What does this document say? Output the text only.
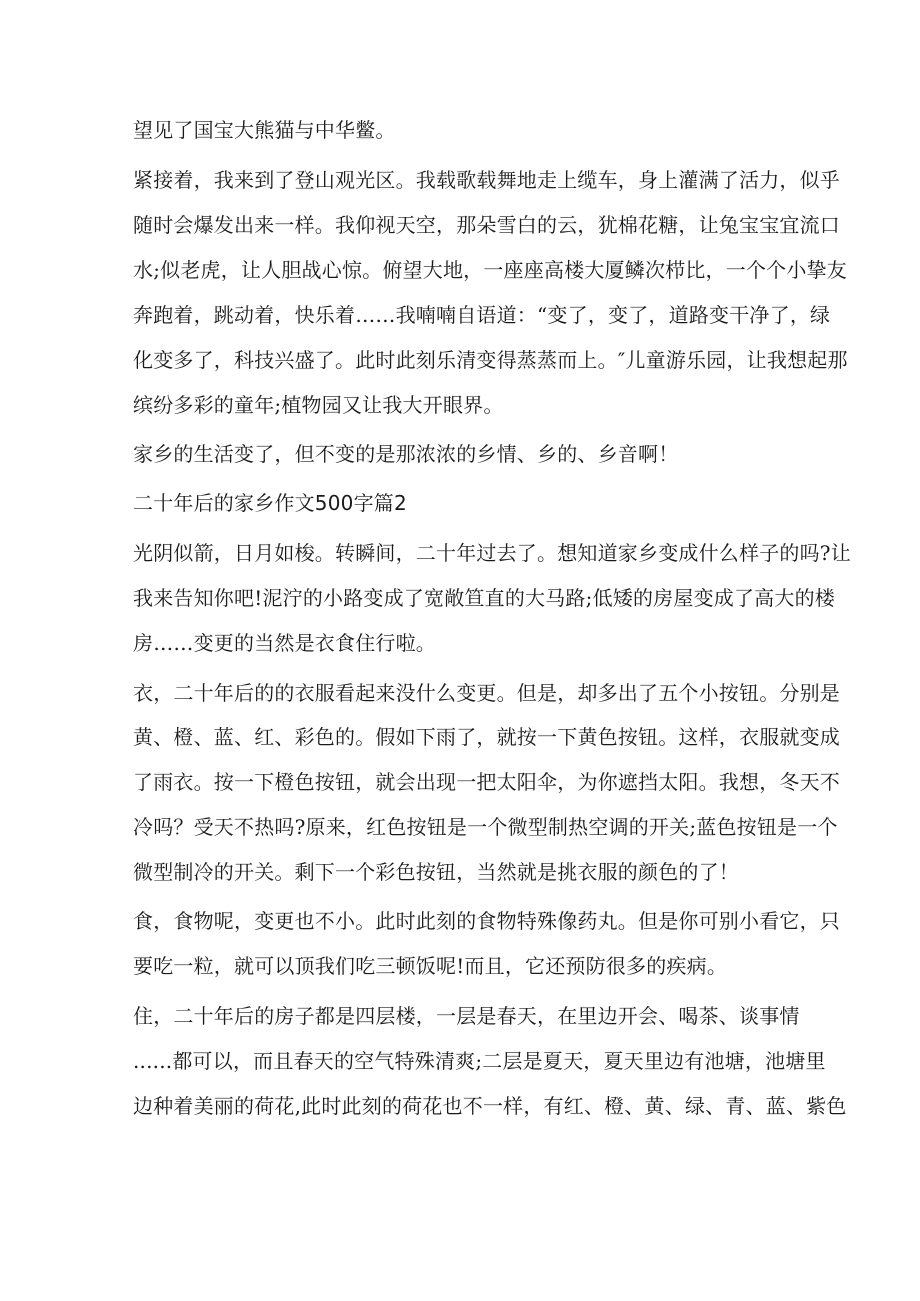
望见了国宝大熊猫与中华鳖。
紧接着，我来到了登山观光区。我载歌载舞地走上缆车，身上灌满了活力，似乎
随时会爆发出来一样。我仰视天空，那朵雪白的云，犹棉花糖，让兔宝宝宜流口
水;似老虎，让人胆战心惊。俯望大地，一座座高楼大厦鳞次栉比，一个个小挚友
奔跑着，跳动着，快乐着……我喃喃自语道：“变了，变了，道路变干净了，绿
化变多了，科技兴盛了。此时此刻乐清变得蒸蒸而上。″儿童游乐园，让我想起那
缤纷多彩的童年;植物园又让我大开眼界。
家乡的生活变了，但不变的是那浓浓的乡情、乡的、乡音啊！
二十年后的家乡作文500字篇2
光阴似箭，日月如梭。转瞬间，二十年过去了。想知道家乡变成什么样子的吗?让
我来告知你吧!泥泞的小路变成了宽敞笪直的大马路;低矮的房屋变成了高大的楼
房……变更的当然是衣食住行啦。
衣，二十年后的的衣服看起来没什么变更。但是，却多出了五个小按钮。分别是
黄、橙、蓝、红、彩色的。假如下雨了，就按一下黄色按钮。这样，衣服就变成
了雨衣。按一下橙色按钮，就会出现一把太阳伞，为你遮挡太阳。我想，冬天不
冷吗？受天不热吗?原来，红色按钮是一个微型制热空调的开关;蓝色按钮是一个
微型制冷的开关。剩下一个彩色按钮，当然就是挑衣服的颜色的了！
食，食物呢，变更也不小。此时此刻的食物特殊像药丸。但是你可别小看它，只
要吃一粒，就可以顶我们吃三顿饭呢!而且，它还预防很多的疾病。
住，二十年后的房子都是四层楼，一层是春天，在里边开会、喝茶、谈事情
......都可以，而且春天的空气特殊清爽;二层是夏天，夏天里边有池塘，池塘里
边种着美丽的荷花,此时此刻的荷花也不一样，有红、橙、黄、绿、青、蓝、紫色
